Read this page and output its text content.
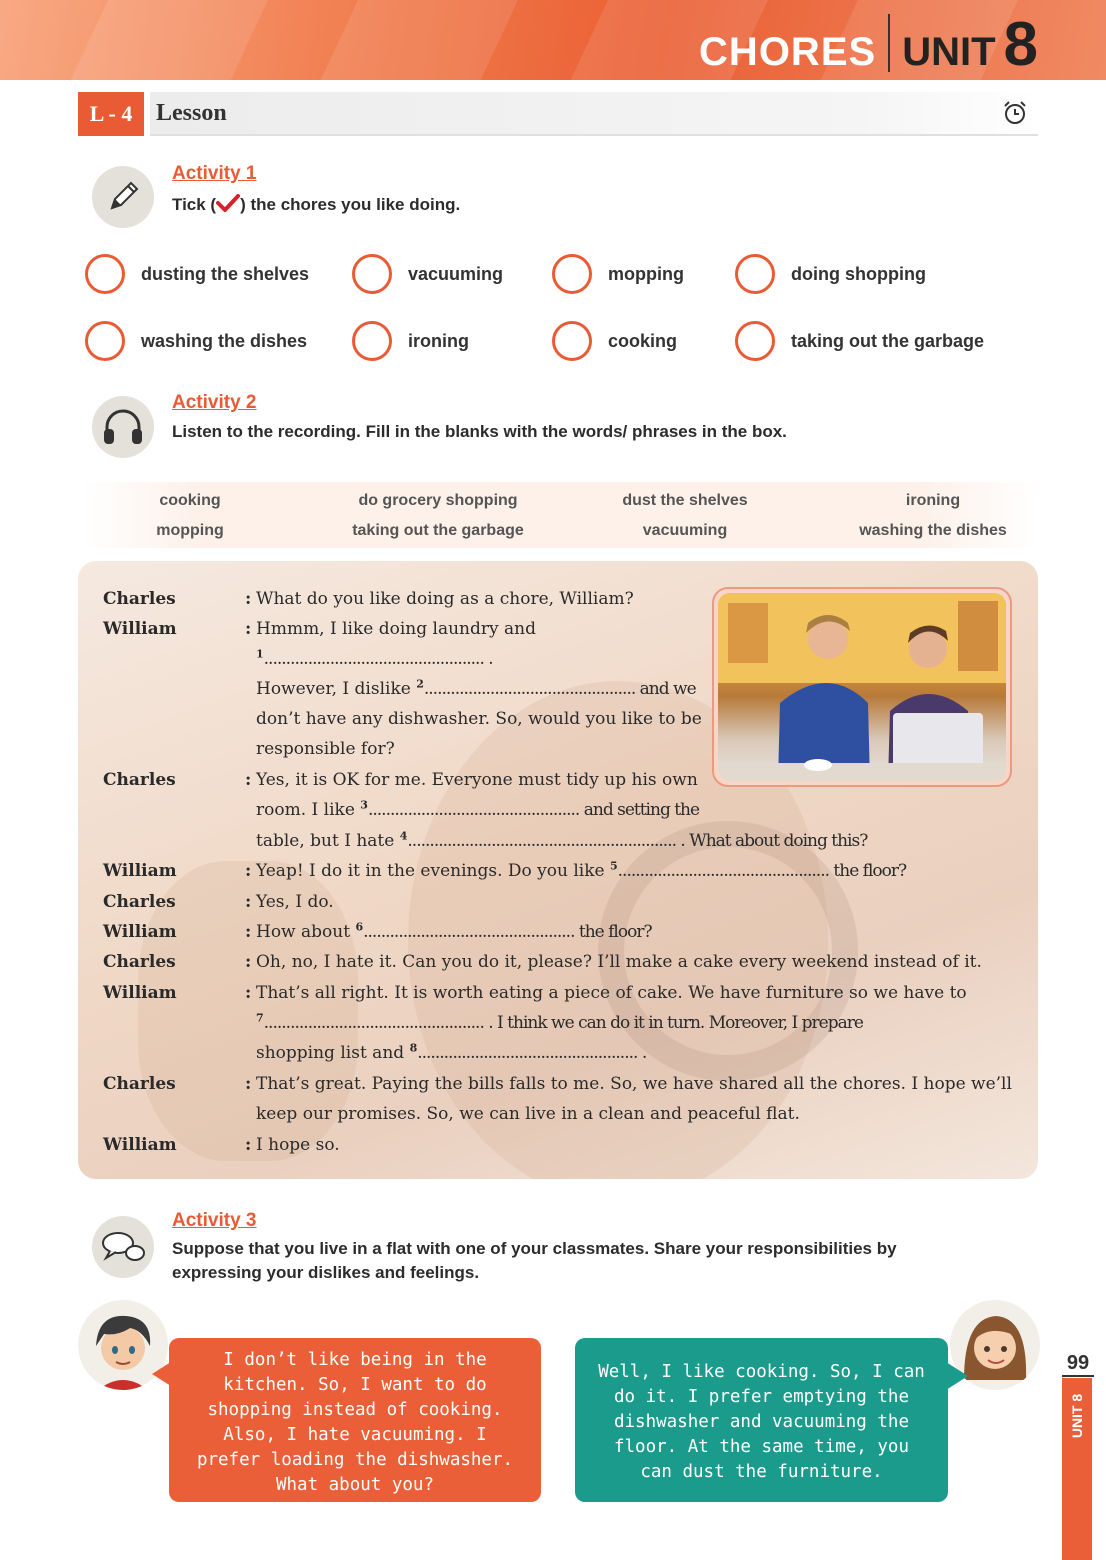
CHORES UNIT 8
L - 4 Lesson
Activity 1
Tick ( ) the chores you like doing.
dusting the shelves	vacuuming	mopping	doing shopping
washing the dishes	ironing	cooking	taking out the garbage
Activity 2
Listen to the recording. Fill in the blanks with the words/ phrases in the box.
cooking	do grocery shopping	dust the shelves	ironing
mopping	taking out the garbage	vacuuming	washing the dishes
Charles	: What do you like doing as a chore, William?
William	: Hmmm, I like doing laundry and
$^1$.................................................. .
However, I dislike $^2$................................................ and we
don’t have any dishwasher. So, would you like to be
responsible for?
Charles	: Yes, it is OK for me. Everyone must tidy up his own
room. I like $^3$................................................ and setting the
table, but I hate $^4$............................................................. . What about doing this?
William	: Yeap! I do it in the evenings. Do you like $^5$................................................ the floor?
Charles	: Yes, I do.
William	: How about $^6$................................................ the floor?
Charles	: Oh, no, I hate it. Can you do it, please? I’ll make a cake every weekend instead of it.
William	: That’s all right. It is worth eating a piece of cake. We have furniture so we have to
$^7$.................................................. . I think we can do it in turn. Moreover, I prepare
shopping list and $^8$.................................................. .
Charles	: That’s great. Paying the bills falls to me. So, we have shared all the chores. I hope we’ll
keep our promises. So, we can live in a clean and peaceful flat.
William	: I hope so.
Activity 3
Suppose that you live in a flat with one of your classmates. Share your responsibilities by
expressing your dislikes and feelings.
I don’t like being in the
kitchen. So, I want to do
shopping instead of cooking.
Also, I hate vacuuming. I
prefer loading the dishwasher.
What about you?
Well, I like cooking. So, I can
do it. I prefer emptying the
dishwasher and vacuuming the
floor. At the same time, you
can dust the furniture.
99
UNIT 8
